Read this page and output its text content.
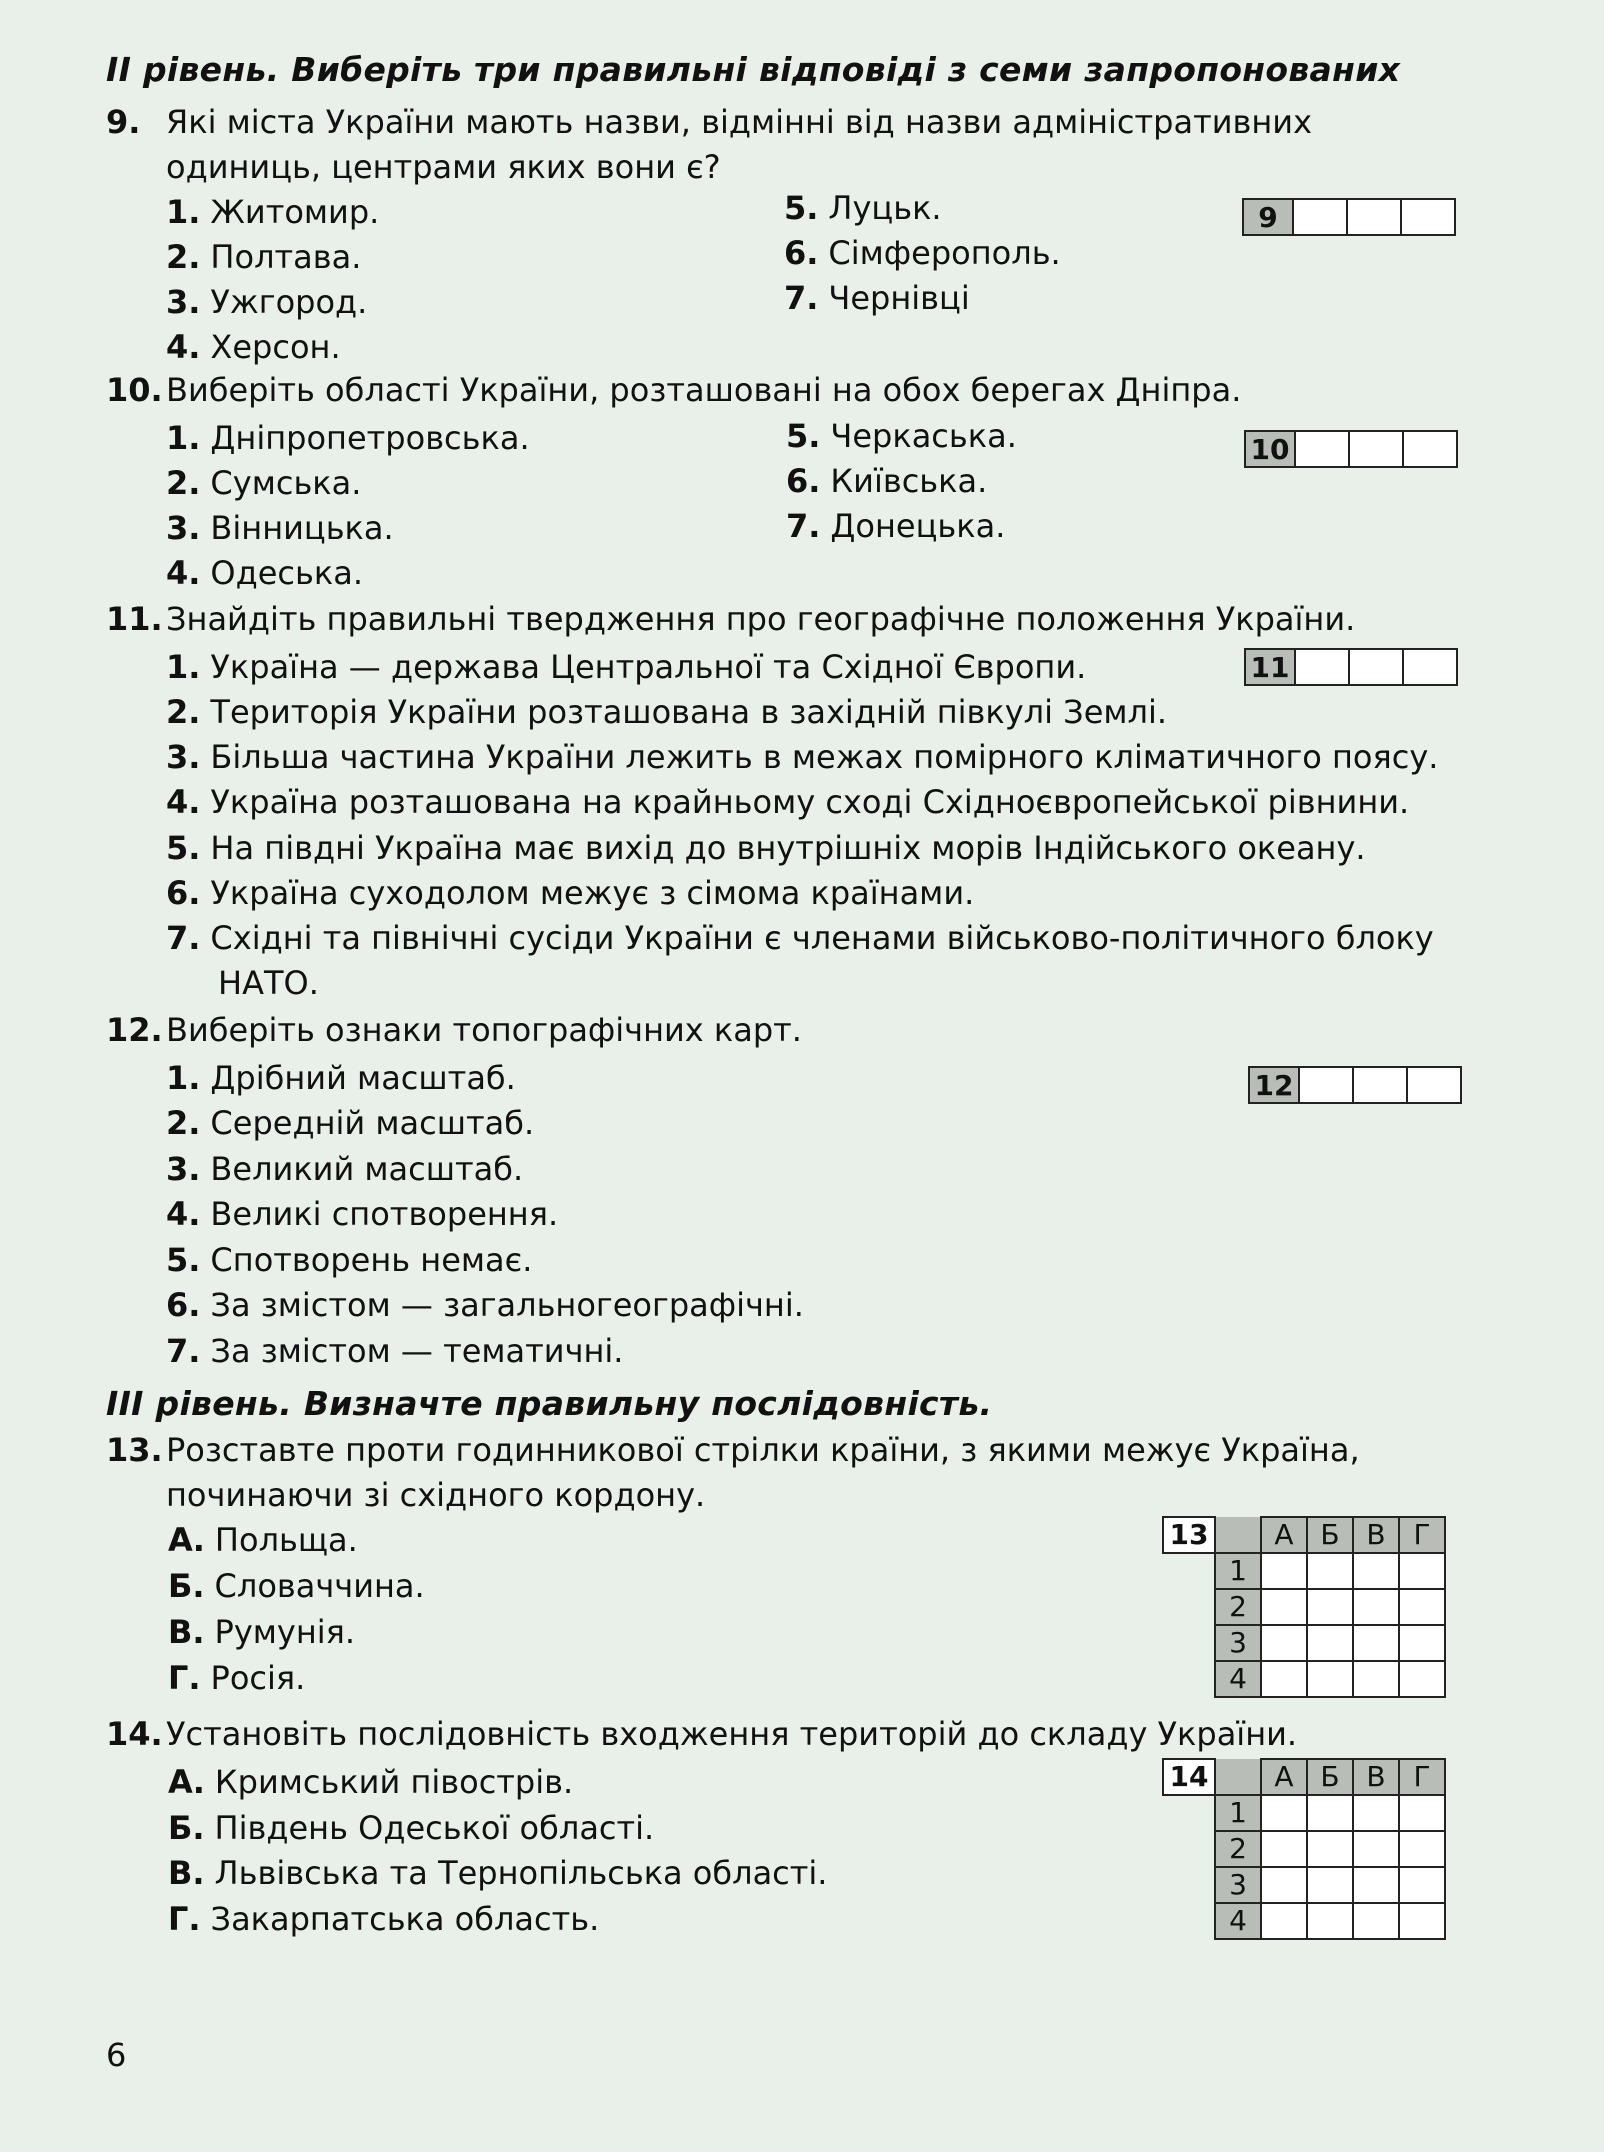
II рівень. Виберіть три правильні відповіді з семи запропонованих
9. Які міста України мають назви, відмінні від назви адміністративних одиниць, центрами яких вони є?
1. Житомир.
2. Полтава.
3. Ужгород.
4. Херсон.
5. Луцьк.
6. Сімферополь.
7. Чернівці
9
10. Виберіть області України, розташовані на обох берегах Дніпра.
1. Дніпропетровська.
2. Сумська.
3. Вінницька.
4. Одеська.
5. Черкаська.
6. Київська.
7. Донецька.
10
11. Знайдіть правильні твердження про географічне положення України.
1. Україна — держава Центральної та Східної Європи.
2. Територія України розташована в західній півкулі Землі.
3. Більша частина України лежить в межах помірного кліматичного поясу.
4. Україна розташована на крайньому сході Східноєвропейської рівнини.
5. На півдні Україна має вихід до внутрішніх морів Індійського океану.
6. Україна суходолом межує з сімома країнами.
7. Східні та північні сусіди України є членами військово-політичного блоку НАТО.
11
12. Виберіть ознаки топографічних карт.
1. Дрібний масштаб.
2. Середній масштаб.
3. Великий масштаб.
4. Великі спотворення.
5. Спотворень немає.
6. За змістом — загальногеографічні.
7. За змістом — тематичні.
12
III рівень. Визначте правильну послідовність.
13. Розставте проти годинникової стрілки країни, з якими межує Україна, починаючи зі східного кордону.
А. Польща.
Б. Словаччина.
В. Румунія.
Г. Росія.
13		А	Б	В	Г
	1				
	2				
	3				
	4				
14. Установіть послідовність входження територій до складу України.
А. Кримський півострів.
Б. Південь Одеської області.
В. Львівська та Тернопільська області.
Г. Закарпатська область.
14		А	Б	В	Г
	1				
	2				
	3				
	4				
6
